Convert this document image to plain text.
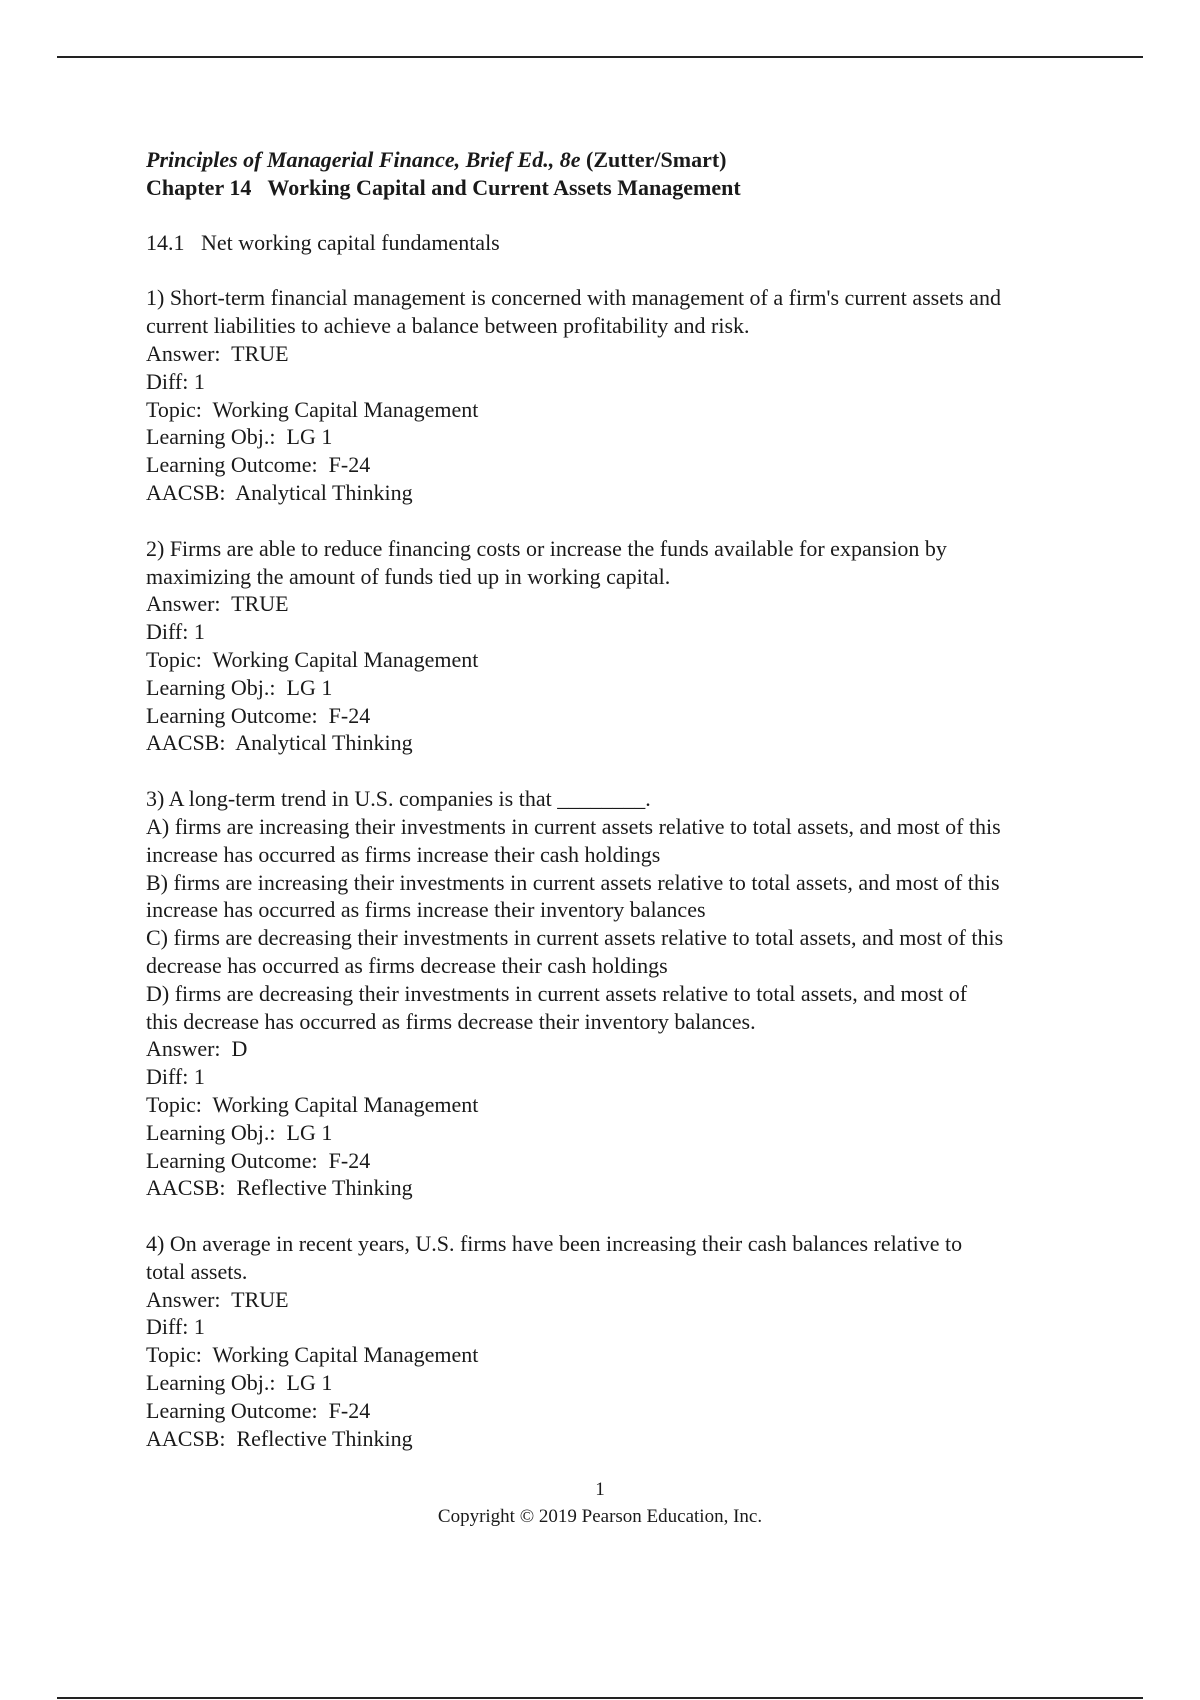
Principles of Managerial Finance, Brief Ed., 8e (Zutter/Smart)
Chapter 14   Working Capital and Current Assets Management
14.1   Net working capital fundamentals
1) Short-term financial management is concerned with management of a firm's current assets and
current liabilities to achieve a balance between profitability and risk.
Answer:  TRUE
Diff: 1
Topic:  Working Capital Management
Learning Obj.:  LG 1
Learning Outcome:  F-24
AACSB:  Analytical Thinking
2) Firms are able to reduce financing costs or increase the funds available for expansion by
maximizing the amount of funds tied up in working capital.
Answer:  TRUE
Diff: 1
Topic:  Working Capital Management
Learning Obj.:  LG 1
Learning Outcome:  F-24
AACSB:  Analytical Thinking
3) A long-term trend in U.S. companies is that ________.
A) firms are increasing their investments in current assets relative to total assets, and most of this
increase has occurred as firms increase their cash holdings
B) firms are increasing their investments in current assets relative to total assets, and most of this
increase has occurred as firms increase their inventory balances
C) firms are decreasing their investments in current assets relative to total assets, and most of this
decrease has occurred as firms decrease their cash holdings
D) firms are decreasing their investments in current assets relative to total assets, and most of
this decrease has occurred as firms decrease their inventory balances.
Answer:  D
Diff: 1
Topic:  Working Capital Management
Learning Obj.:  LG 1
Learning Outcome:  F-24
AACSB:  Reflective Thinking
4) On average in recent years, U.S. firms have been increasing their cash balances relative to
total assets.
Answer:  TRUE
Diff: 1
Topic:  Working Capital Management
Learning Obj.:  LG 1
Learning Outcome:  F-24
AACSB:  Reflective Thinking
1
Copyright © 2019 Pearson Education, Inc.
